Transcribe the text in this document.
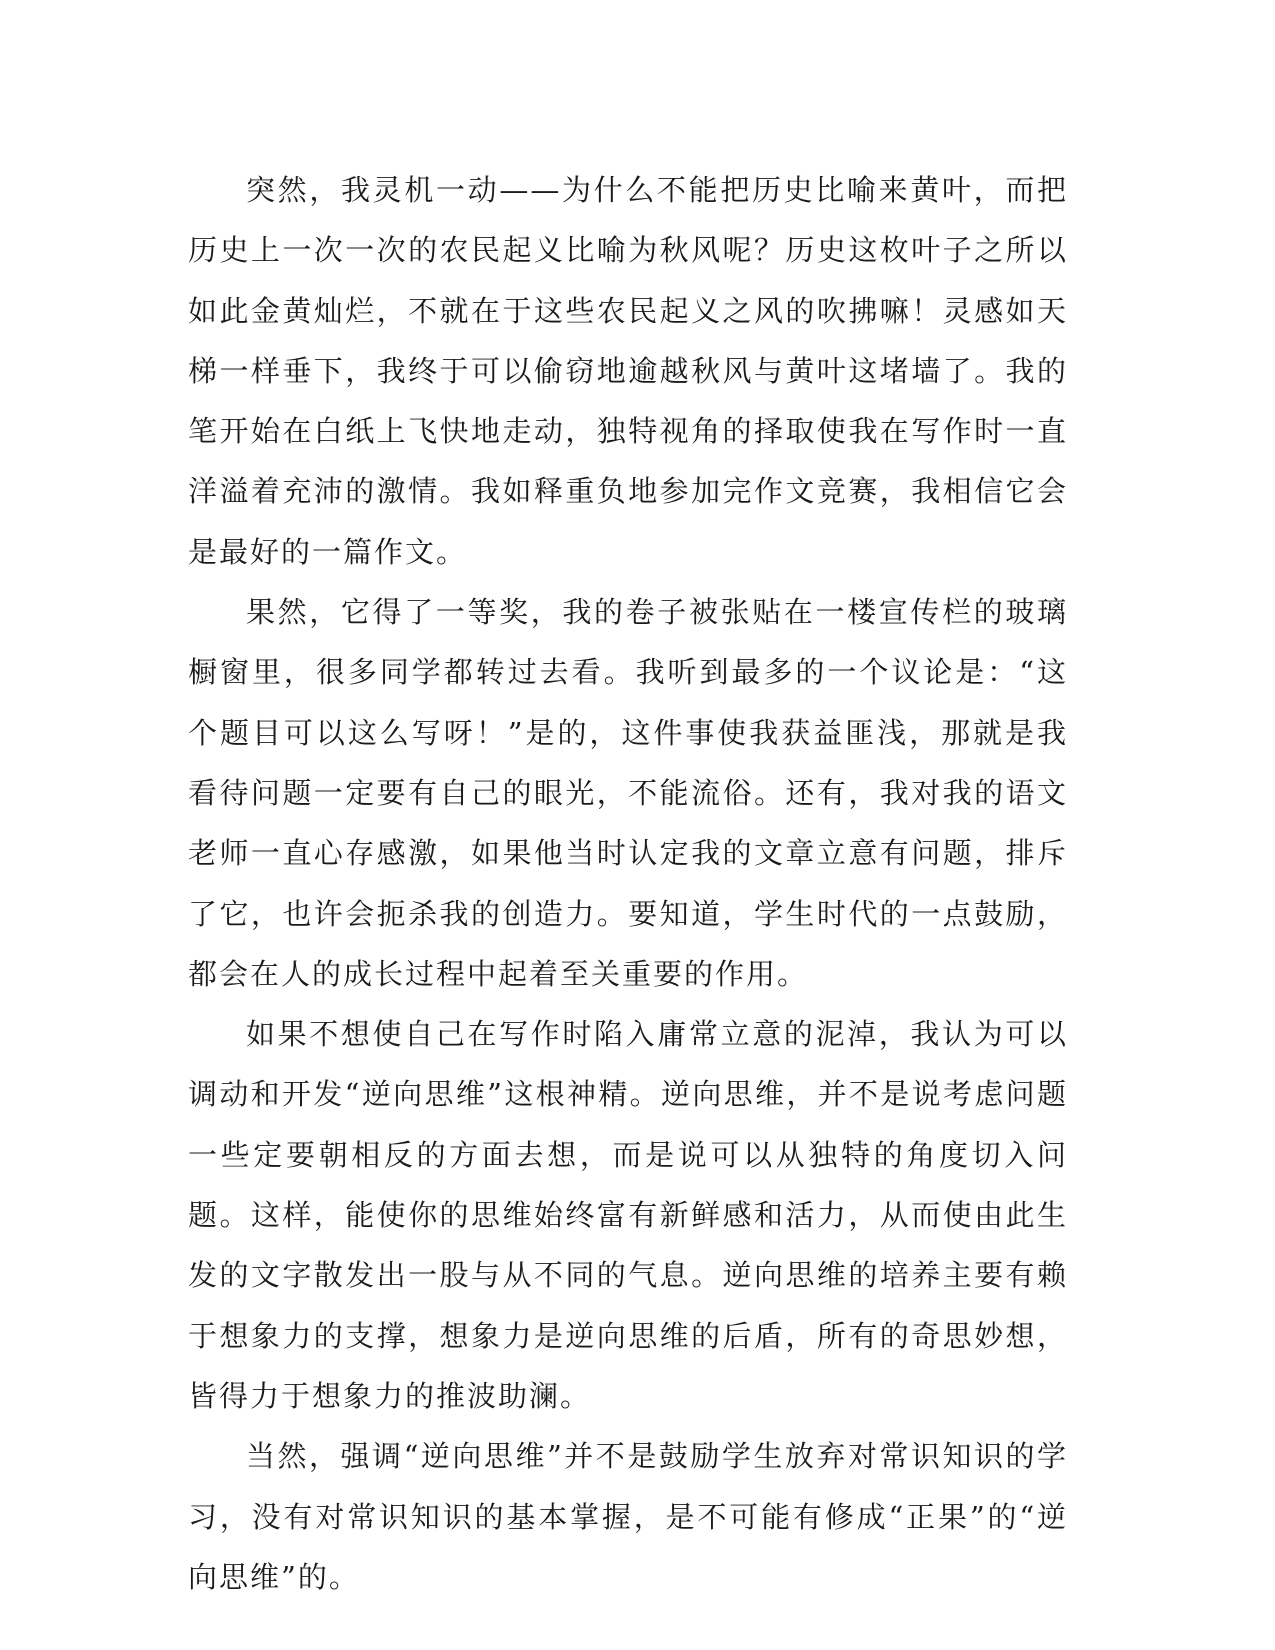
突然，我灵机一动——为什么不能把历史比喻来黄叶，而把历史上一次一次的农民起义比喻为秋风呢？历史这枚叶子之所以如此金黄灿烂，不就在于这些农民起义之风的吹拂嘛！灵感如天梯一样垂下，我终于可以偷窃地逾越秋风与黄叶这堵墙了。我的笔开始在白纸上飞快地走动，独特视角的择取使我在写作时一直洋溢着充沛的激情。我如释重负地参加完作文竞赛，我相信它会是最好的一篇作文。

果然，它得了一等奖，我的卷子被张贴在一楼宣传栏的玻璃橱窗里，很多同学都转过去看。我听到最多的一个议论是：“这个题目可以这么写呀！”是的，这件事使我获益匪浅，那就是我看待问题一定要有自己的眼光，不能流俗。还有，我对我的语文老师一直心存感激，如果他当时认定我的文章立意有问题，排斥了它，也许会扼杀我的创造力。要知道，学生时代的一点鼓励，都会在人的成长过程中起着至关重要的作用。

如果不想使自己在写作时陷入庸常立意的泥淖，我认为可以调动和开发“逆向思维”这根神精。逆向思维，并不是说考虑问题一些定要朝相反的方面去想，而是说可以从独特的角度切入问题。这样，能使你的思维始终富有新鲜感和活力，从而使由此生发的文字散发出一股与从不同的气息。逆向思维的培养主要有赖于想象力的支撑，想象力是逆向思维的后盾，所有的奇思妙想，皆得力于想象力的推波助澜。

当然，强调“逆向思维”并不是鼓励学生放弃对常识知识的学习，没有对常识知识的基本掌握，是不可能有修成“正果”的“逆向思维”的。
